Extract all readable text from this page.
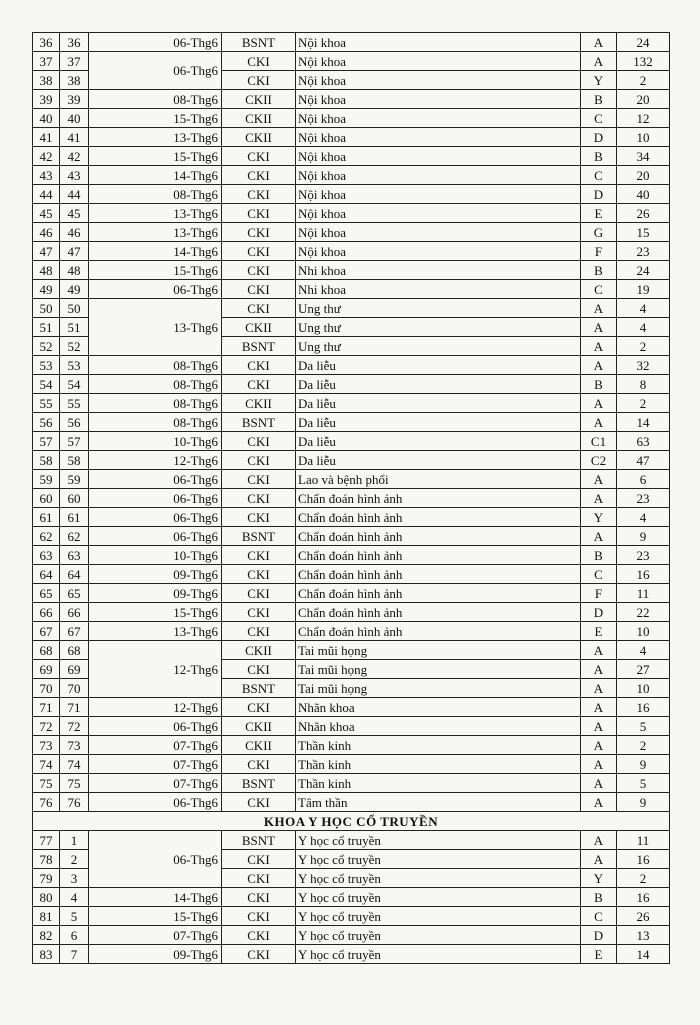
36	36	06-Thg6	BSNT	Nội khoa	A	24
37	37	06-Thg6	CKI	Nội khoa	A	132
38	38		CKI	Nội khoa	Y	2
39	39	08-Thg6	CKII	Nội khoa	B	20
40	40	15-Thg6	CKII	Nội khoa	C	12
41	41	13-Thg6	CKII	Nội khoa	D	10
42	42	15-Thg6	CKI	Nội khoa	B	34
43	43	14-Thg6	CKI	Nội khoa	C	20
44	44	08-Thg6	CKI	Nội khoa	D	40
45	45	13-Thg6	CKI	Nội khoa	E	26
46	46	13-Thg6	CKI	Nội khoa	G	15
47	47	14-Thg6	CKI	Nội khoa	F	23
48	48	15-Thg6	CKI	Nhi khoa	B	24
49	49	06-Thg6	CKI	Nhi khoa	C	19
50	50	13-Thg6	CKI	Ung thư	A	4
51	51		CKII	Ung thư	A	4
52	52		BSNT	Ung thư	A	2
53	53	08-Thg6	CKI	Da liễu	A	32
54	54	08-Thg6	CKI	Da liễu	B	8
55	55	08-Thg6	CKII	Da liễu	A	2
56	56	08-Thg6	BSNT	Da liễu	A	14
57	57	10-Thg6	CKI	Da liễu	C1	63
58	58	12-Thg6	CKI	Da liễu	C2	47
59	59	06-Thg6	CKI	Lao và bệnh phổi	A	6
60	60	06-Thg6	CKI	Chẩn đoán hình ảnh	A	23
61	61	06-Thg6	CKI	Chẩn đoán hình ảnh	Y	4
62	62	06-Thg6	BSNT	Chẩn đoán hình ảnh	A	9
63	63	10-Thg6	CKI	Chẩn đoán hình ảnh	B	23
64	64	09-Thg6	CKI	Chẩn đoán hình ảnh	C	16
65	65	09-Thg6	CKI	Chẩn đoán hình ảnh	F	11
66	66	15-Thg6	CKI	Chẩn đoán hình ảnh	D	22
67	67	13-Thg6	CKI	Chẩn đoán hình ảnh	E	10
68	68	12-Thg6	CKII	Tai mũi họng	A	4
69	69		CKI	Tai mũi họng	A	27
70	70		BSNT	Tai mũi họng	A	10
71	71	12-Thg6	CKI	Nhãn khoa	A	16
72	72	06-Thg6	CKII	Nhãn khoa	A	5
73	73	07-Thg6	CKII	Thần kinh	A	2
74	74	07-Thg6	CKI	Thần kinh	A	9
75	75	07-Thg6	BSNT	Thần kinh	A	5
76	76	06-Thg6	CKI	Tâm thần	A	9
KHOA Y HỌC CỔ TRUYỀN						
77	1	06-Thg6	BSNT	Y học cổ truyền	A	11
78	2		CKI	Y học cổ truyền	A	16
79	3		CKI	Y học cổ truyền	Y	2
80	4	14-Thg6	CKI	Y học cổ truyền	B	16
81	5	15-Thg6	CKI	Y học cổ truyền	C	26
82	6	07-Thg6	CKI	Y học cổ truyền	D	13
83	7	09-Thg6	CKI	Y học cổ truyền	E	14
